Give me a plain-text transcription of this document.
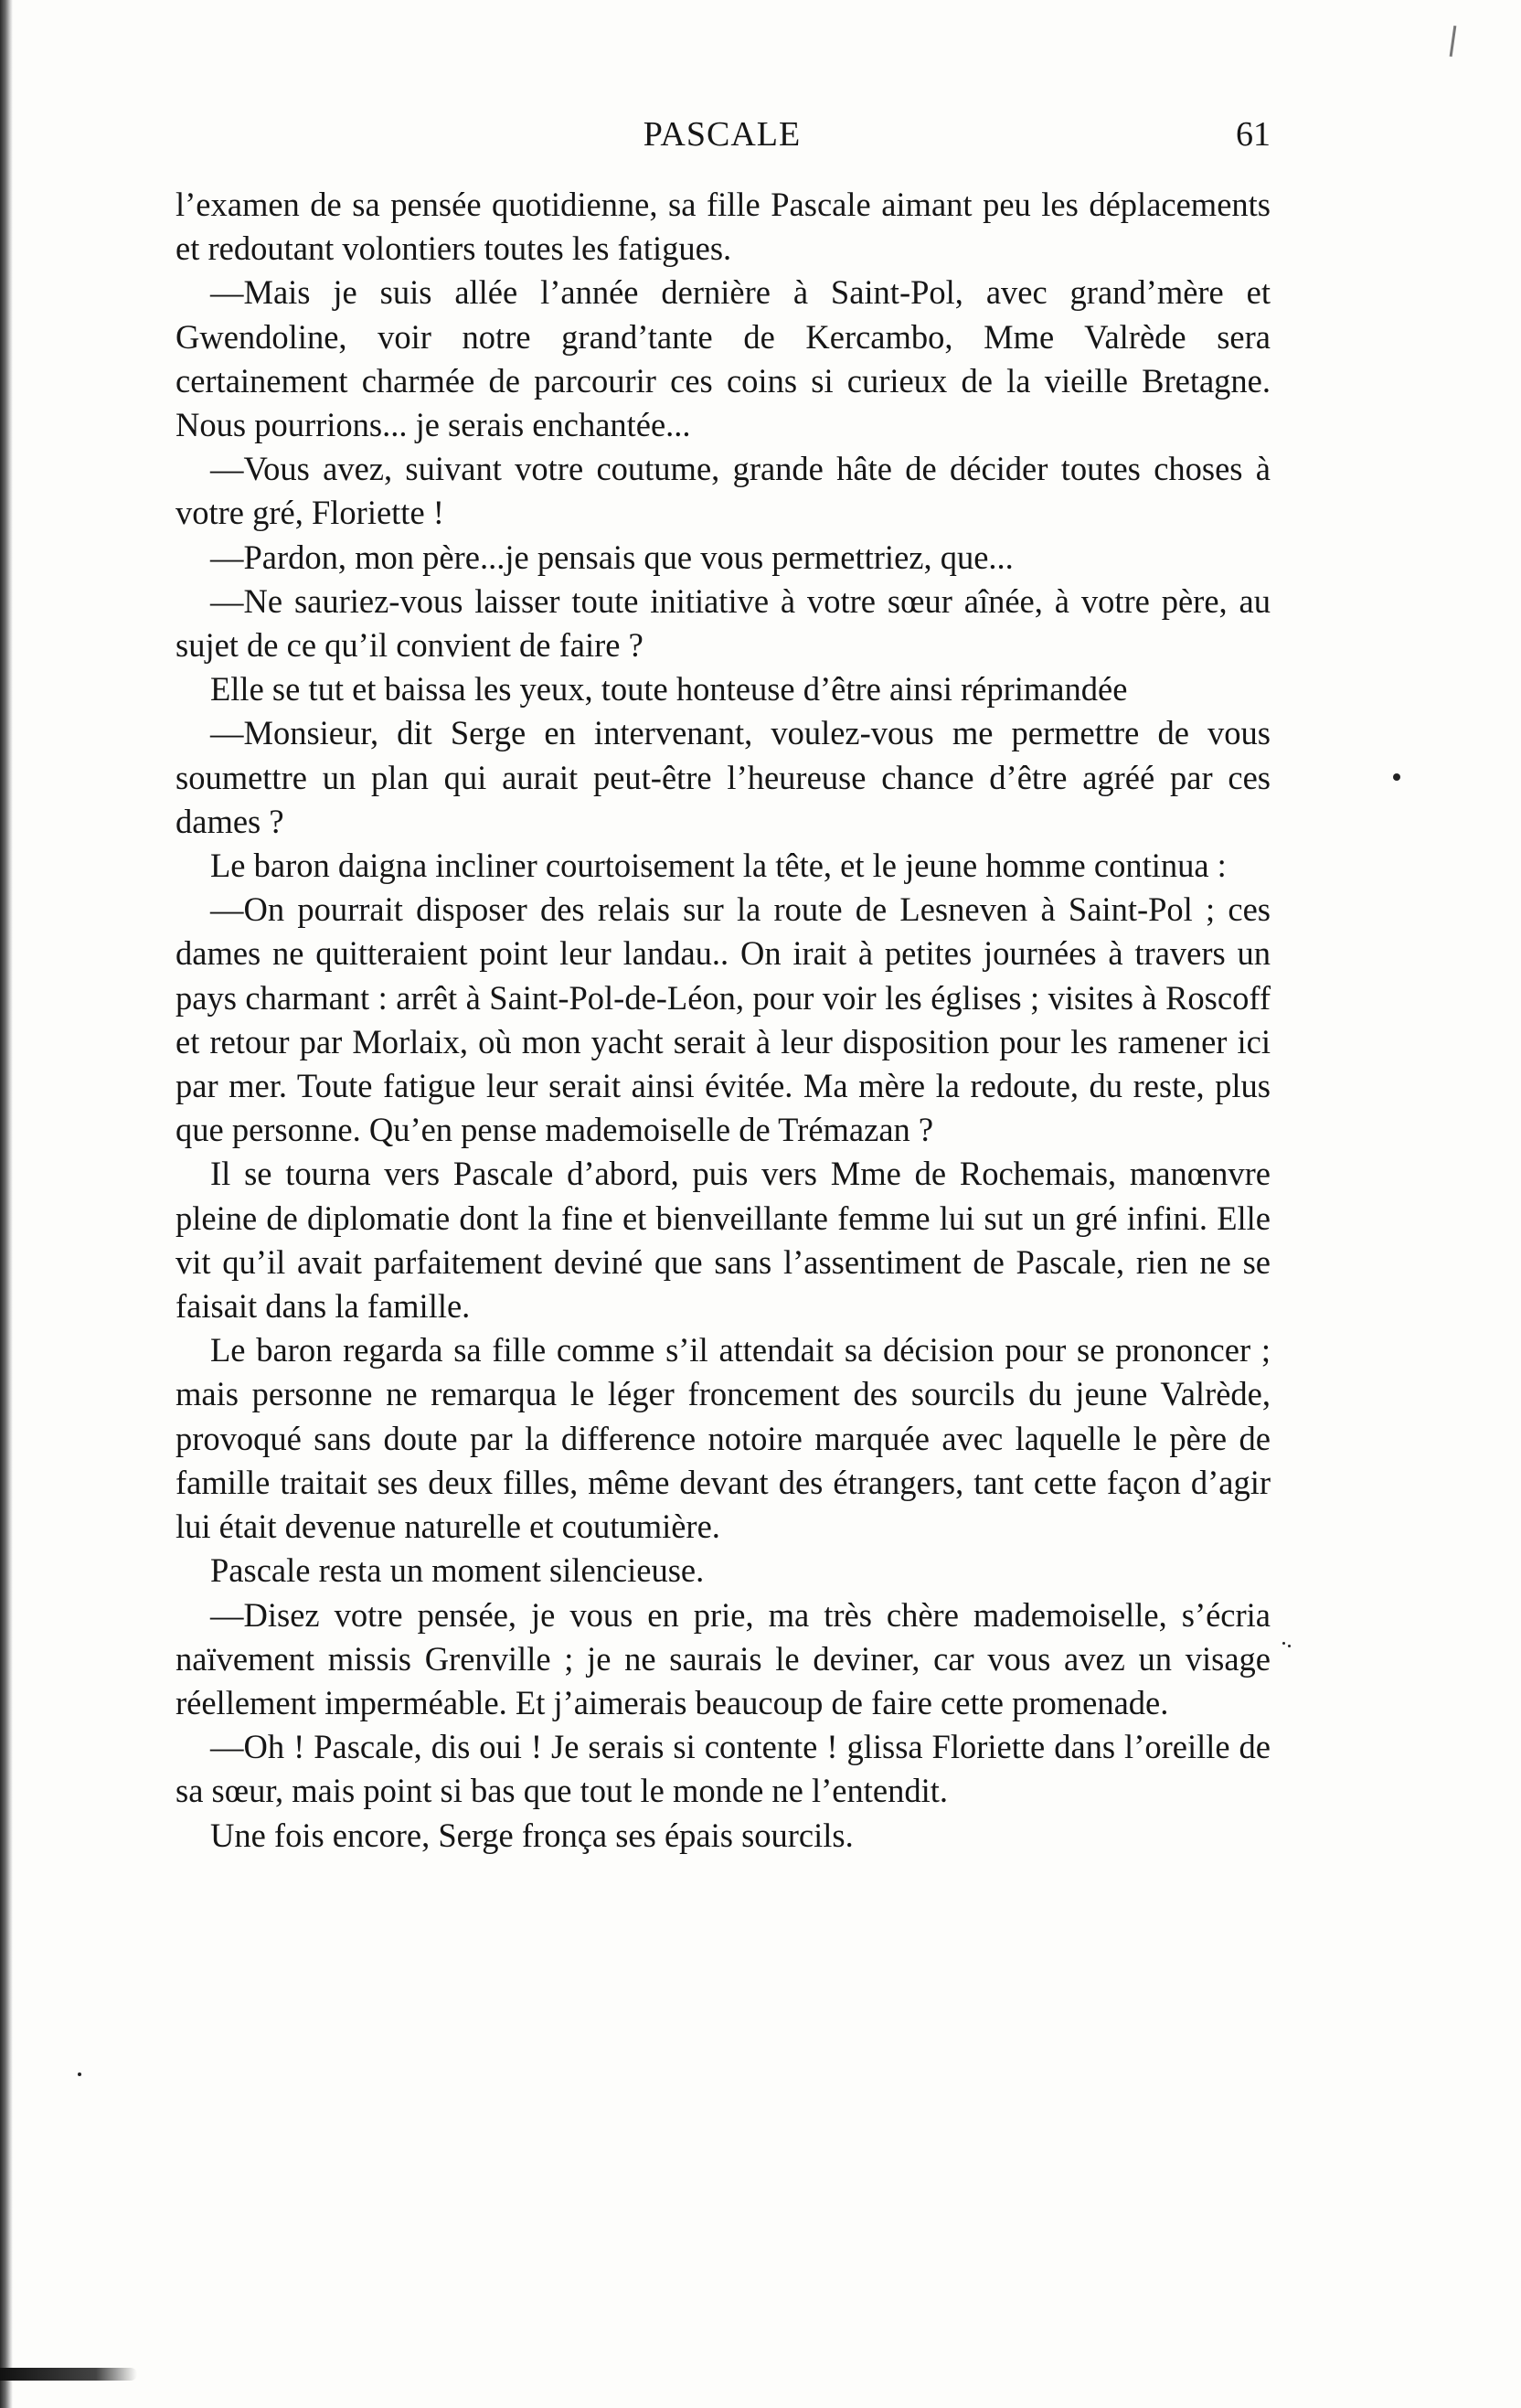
PASCALE	61

l’examen de sa pensée quotidienne, sa fille Pascale aimant peu les déplacements et redoutant volontiers toutes les fatigues.

—Mais je suis allée l’année dernière à Saint-Pol, avec grand’mère et Gwendoline, voir notre grand’tante de Kercambo, Mme Valrède sera certainement charmée de parcourir ces coins si curieux de la vieille Bretagne. Nous pourrions... je serais enchantée...

—Vous avez, suivant votre coutume, grande hâte de décider toutes choses à votre gré, Floriette !

—Pardon, mon père...je pensais que vous permettriez, que...

—Ne sauriez-vous laisser toute initiative à votre sœur aînée, à votre père, au sujet de ce qu’il convient de faire ?

Elle se tut et baissa les yeux, toute honteuse d’être ainsi réprimandée

—Monsieur, dit Serge en intervenant, voulez-vous me permettre de vous soumettre un plan qui aurait peut-être l’heureuse chance d’être agréé par ces dames ?

Le baron daigna incliner courtoisement la tête, et le jeune homme continua :

—On pourrait disposer des relais sur la route de Lesneven à Saint-Pol ; ces dames ne quitteraient point leur landau.. On irait à petites journées à travers un pays charmant : arrêt à Saint-Pol-de-Léon, pour voir les églises ; visites à Roscoff et retour par Morlaix, où mon yacht serait à leur disposition pour les ramener ici par mer. Toute fatigue leur serait ainsi évitée. Ma mère la redoute, du reste, plus que personne. Qu’en pense mademoiselle de Trémazan ?

Il se tourna vers Pascale d’abord, puis vers Mme de Rochemais, manœnvre pleine de diplomatie dont la fine et bienveillante femme lui sut un gré infini. Elle vit qu’il avait parfaitement deviné que sans l’assentiment de Pascale, rien ne se faisait dans la famille.

Le baron regarda sa fille comme s’il attendait sa décision pour se prononcer ; mais personne ne remarqua le léger froncement des sourcils du jeune Valrède, provoqué sans doute par la difference notoire marquée avec laquelle le père de famille traitait ses deux filles, même devant des étrangers, tant cette façon d’agir lui était devenue naturelle et coutumière.

Pascale resta un moment silencieuse.

—Disez votre pensée, je vous en prie, ma très chère mademoiselle, s’écria naïvement missis Grenville ; je ne saurais le deviner, car vous avez un visage réellement imperméable. Et j’aimerais beaucoup de faire cette promenade.

—Oh ! Pascale, dis oui ! Je serais si contente ! glissa Floriette dans l’oreille de sa sœur, mais point si bas que tout le monde ne l’entendit.

Une fois encore, Serge fronça ses épais sourcils.
